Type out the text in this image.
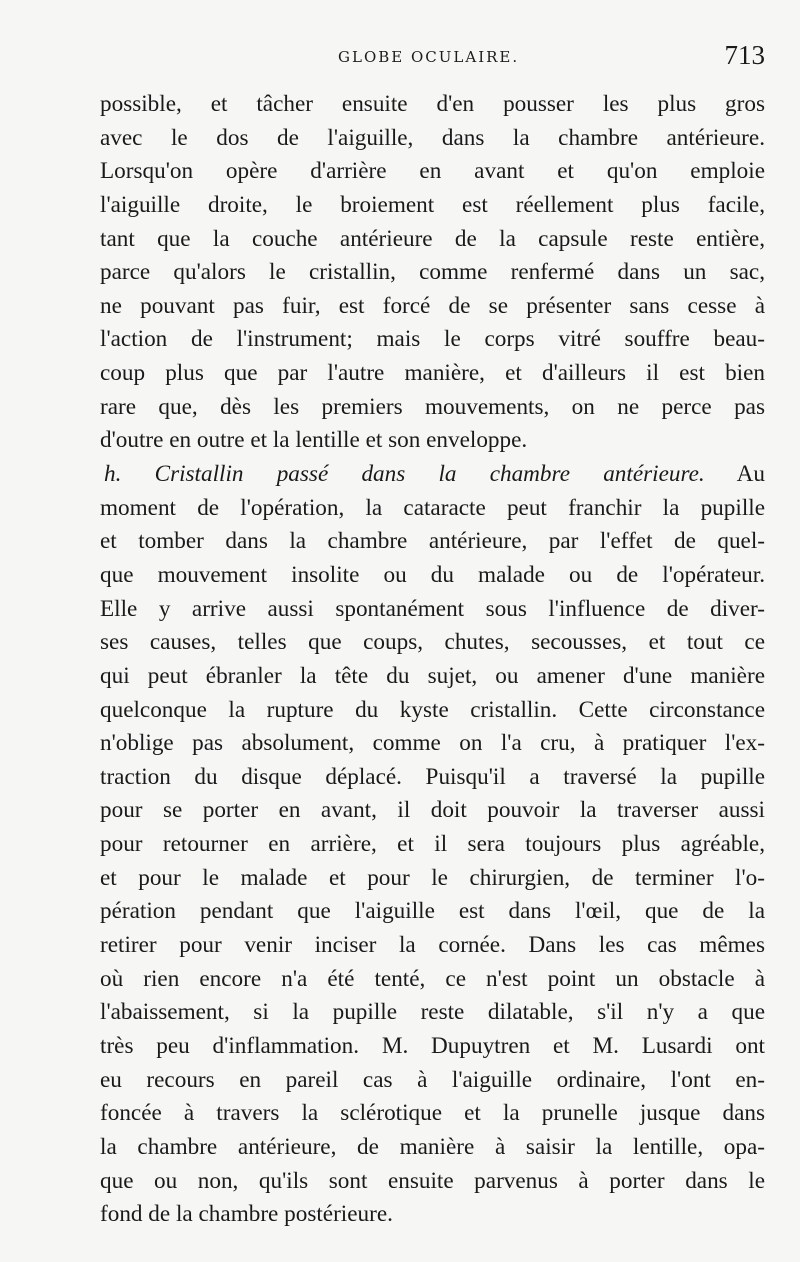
GLOBE OCULAIRE.	713
possible, et tâcher ensuite d'en pousser les plus gros
avec le dos de l'aiguille, dans la chambre antérieure.
Lorsqu'on opère d'arrière en avant et qu'on emploie
l'aiguille droite, le broiement est réellement plus facile,
tant que la couche antérieure de la capsule reste entière,
parce qu'alors le cristallin, comme renfermé dans un sac,
ne pouvant pas fuir, est forcé de se présenter sans cesse à
l'action de l'instrument; mais le corps vitré souffre beau-
coup plus que par l'autre manière, et d'ailleurs il est bien
rare que, dès les premiers mouvements, on ne perce pas
d'outre en outre et la lentille et son enveloppe.
h. Cristallin passé dans la chambre antérieure. Au
moment de l'opération, la cataracte peut franchir la pupille
et tomber dans la chambre antérieure, par l'effet de quel-
que mouvement insolite ou du malade ou de l'opérateur.
Elle y arrive aussi spontanément sous l'influence de diver-
ses causes, telles que coups, chutes, secousses, et tout ce
qui peut ébranler la tête du sujet, ou amener d'une manière
quelconque la rupture du kyste cristallin. Cette circonstance
n'oblige pas absolument, comme on l'a cru, à pratiquer l'ex-
traction du disque déplacé. Puisqu'il a traversé la pupille
pour se porter en avant, il doit pouvoir la traverser aussi
pour retourner en arrière, et il sera toujours plus agréable,
et pour le malade et pour le chirurgien, de terminer l'o-
pération pendant que l'aiguille est dans l'œil, que de la
retirer pour venir inciser la cornée. Dans les cas mêmes
où rien encore n'a été tenté, ce n'est point un obstacle à
l'abaissement, si la pupille reste dilatable, s'il n'y a que
très peu d'inflammation. M. Dupuytren et M. Lusardi ont
eu recours en pareil cas à l'aiguille ordinaire, l'ont en-
foncée à travers la sclérotique et la prunelle jusque dans
la chambre antérieure, de manière à saisir la lentille, opa-
que ou non, qu'ils sont ensuite parvenus à porter dans le
fond de la chambre postérieure.
